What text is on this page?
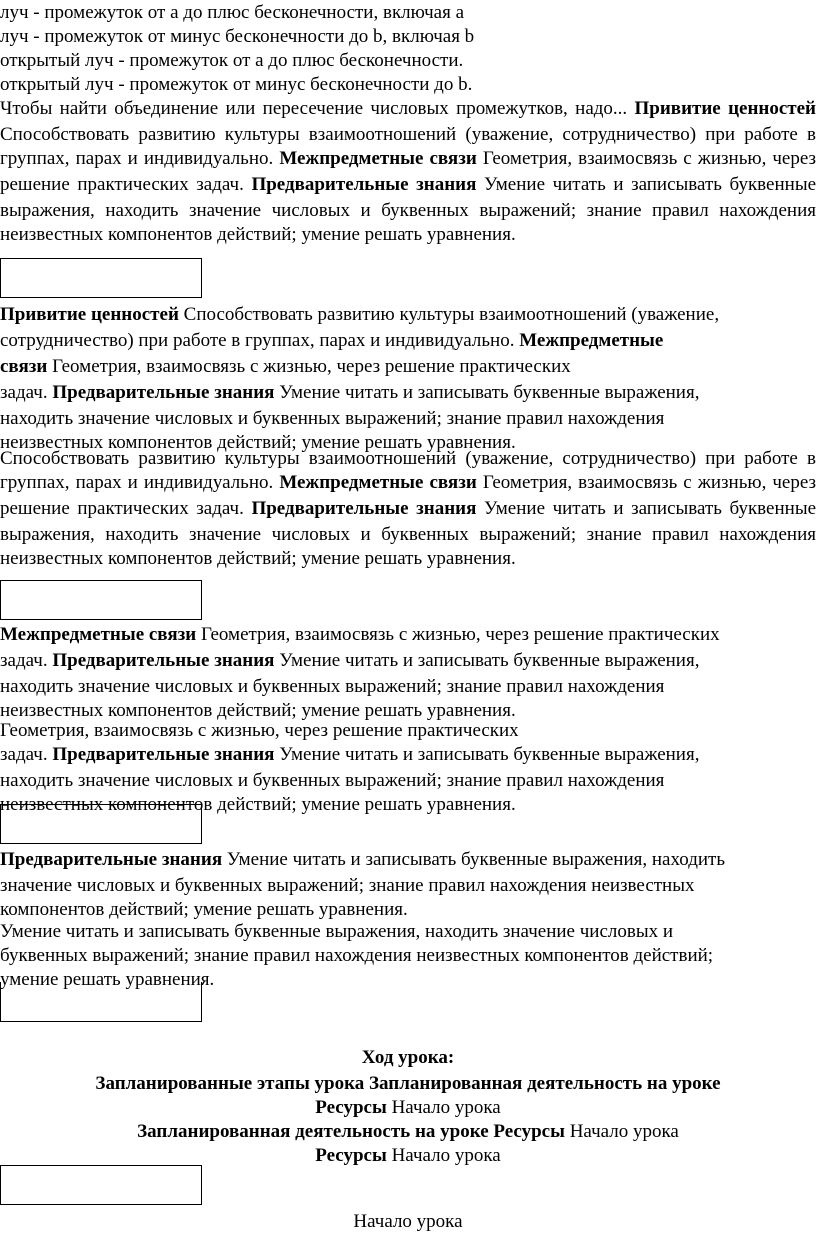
луч - промежуток от а до плюс бесконечности, включая а
луч - промежуток от минус бесконечности до b, включая b
открытый луч - промежуток от а до плюс бесконечности.
открытый луч - промежуток от минус бесконечности до b.

Чтобы найти объединение или пересечение числовых промежутков, надо... Привитие ценностей Способствовать развитию культуры взаимоотношений (уважение, сотрудничество) при работе в группах, парах и индивидуально. Межпредметные связи Геометрия, взаимосвязь с жизнью, через решение практических задач. Предварительные знания Умение читать и записывать буквенные выражения, находить значение числовых и буквенных выражений; знание правил нахождения неизвестных компонентов действий; умение решать уравнения.

Привитие ценностей Способствовать развитию культуры взаимоотношений (уважение,
сотрудничество) при работе в группах, парах и индивидуально. Межпредметные
связи Геометрия, взаимосвязь с жизнью, через решение практических
задач. Предварительные знания Умение читать и записывать буквенные выражения,
находить значение числовых и буквенных выражений; знание правил нахождения
неизвестных компонентов действий; умение решать уравнения.

Способствовать развитию культуры взаимоотношений (уважение, сотрудничество) при работе в группах, парах и индивидуально. Межпредметные связи Геометрия, взаимосвязь с жизнью, через решение практических задач. Предварительные знания Умение читать и записывать буквенные выражения, находить значение числовых и буквенных выражений; знание правил нахождения неизвестных компонентов действий; умение решать уравнения.

Межпредметные связи Геометрия, взаимосвязь с жизнью, через решение практических
задач. Предварительные знания Умение читать и записывать буквенные выражения,
находить значение числовых и буквенных выражений; знание правил нахождения
неизвестных компонентов действий; умение решать уравнения.
Геометрия, взаимосвязь с жизнью, через решение практических
задач. Предварительные знания Умение читать и записывать буквенные выражения,
находить значение числовых и буквенных выражений; знание правил нахождения
неизвестных компонентов действий; умение решать уравнения.
Предварительные знания Умение читать и записывать буквенные выражения, находить
значение числовых и буквенных выражений; знание правил нахождения неизвестных
компонентов действий; умение решать уравнения.
Умение читать и записывать буквенные выражения, находить значение числовых и
буквенных выражений; знание правил нахождения неизвестных компонентов действий;
умение решать уравнения.
Ход урока:
Запланированные этапы урока Запланированная деятельность на уроке
Ресурсы Начало урока
Запланированная деятельность на уроке Ресурсы Начало урока
Ресурсы Начало урока
Начало урока
